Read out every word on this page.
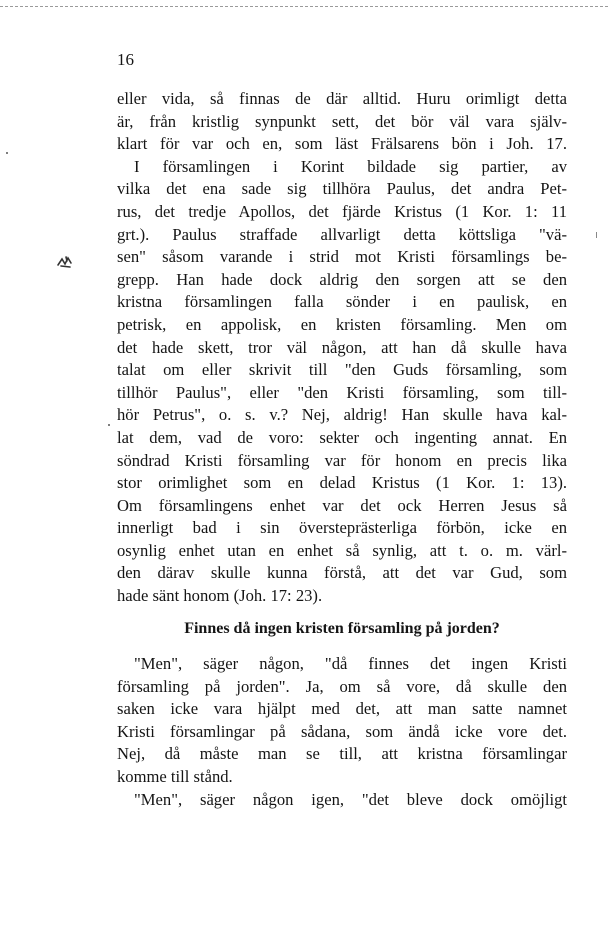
16
eller vida, så finnas de där alltid. Huru orimligt detta
är, från kristlig synpunkt sett, det bör väl vara själv-
klart för var och en, som läst Frälsarens bön i Joh. 17.
I församlingen i Korint bildade sig partier, av
vilka det ena sade sig tillhöra Paulus, det andra Pet-
rus, det tredje Apollos, det fjärde Kristus (1 Kor. 1: 11
grt.). Paulus straffade allvarligt detta köttsliga "vä-
sen" såsom varande i strid mot Kristi församlings be-
grepp. Han hade dock aldrig den sorgen att se den
kristna församlingen falla sönder i en paulisk, en
petrisk, en appolisk, en kristen församling. Men om
det hade skett, tror väl någon, att han då skulle hava
talat om eller skrivit till "den Guds församling, som
tillhör Paulus", eller "den Kristi församling, som till-
hör Petrus", o. s. v.? Nej, aldrig! Han skulle hava kal-
lat dem, vad de voro: sekter och ingenting annat. En
söndrad Kristi församling var för honom en precis lika
stor orimlighet som en delad Kristus (1 Kor. 1: 13).
Om församlingens enhet var det ock Herren Jesus så
innerligt bad i sin översteprästerliga förbön, icke en
osynlig enhet utan en enhet så synlig, att t. o. m. värl-
den därav skulle kunna förstå, att det var Gud, som
hade sänt honom (Joh. 17: 23).
Finnes då ingen kristen församling på jorden?
"Men", säger någon, "då finnes det ingen Kristi
församling på jorden". Ja, om så vore, då skulle den
saken icke vara hjälpt med det, att man satte namnet
Kristi församlingar på sådana, som ändå icke vore det.
Nej, då måste man se till, att kristna församlingar
komme till stånd.
"Men", säger någon igen, "det bleve dock omöjligt
